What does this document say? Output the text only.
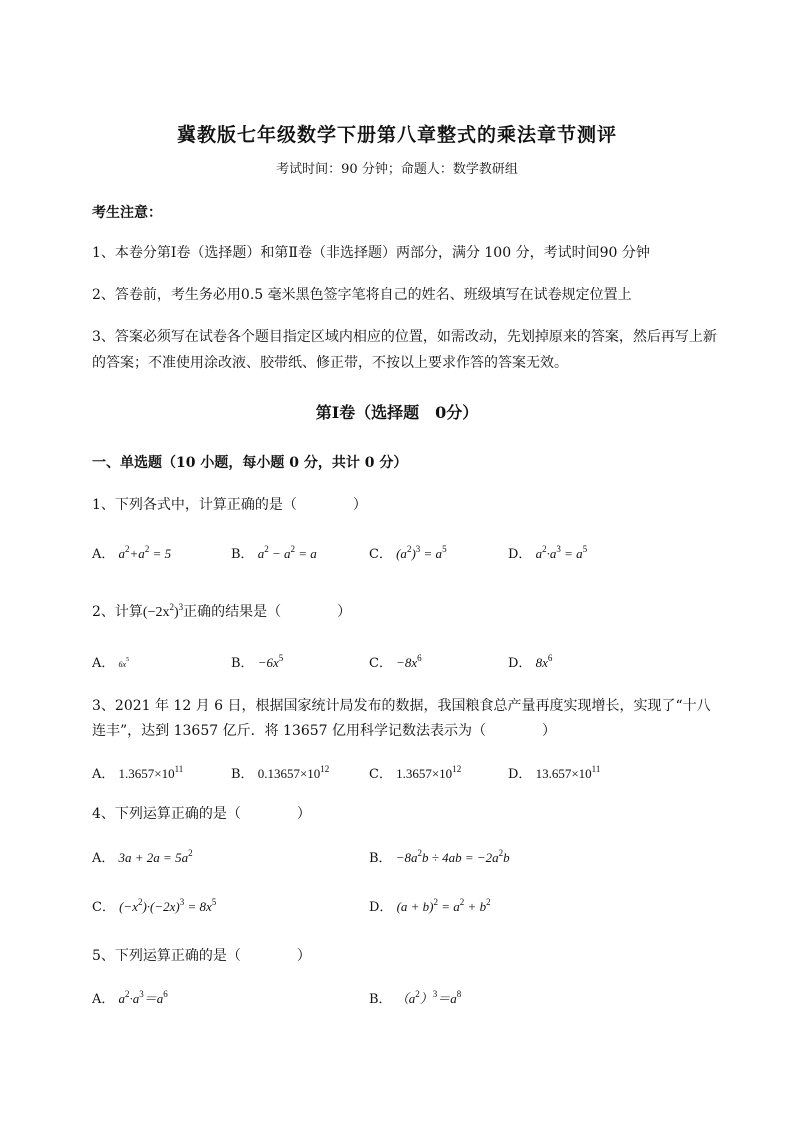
冀教版七年级数学下册第八章整式的乘法章节测评
考试时间：90 分钟；命题人：数学教研组
考生注意：
1、本卷分第Ⅰ卷（选择题）和第Ⅱ卷（非选择题）两部分，满分 100 分，考试时间90 分钟
2、答卷前，考生务必用0.5 毫米黑色签字笔将自己的姓名、班级填写在试卷规定位置上
3、答案必须写在试卷各个题目指定区域内相应的位置，如需改动，先划掉原来的答案，然后再写上新
的答案；不准使用涂改液、胶带纸、修正带，不按以上要求作答的答案无效。
第Ⅰ卷（选择题　0分）
一、单选题（10 小题，每小题 0 分，共计 0 分）
1、下列各式中，计算正确的是（　　　　）
A． $a^2+a^2 = 5$	B． $a^2 - a^2 = a$	C． $(a^2)^3 = a^5$	D． $a^2\cdot a^3 = a^5$
2、计算$(-2x^2)^3$正确的结果是（　　　　）
A． $6x^5$	B． $-6x^5$	C． $-8x^6$	D． $8x^6$
3、2021 年 12 月 6 日，根据国家统计局发布的数据，我国粮食总产量再度实现增长，实现了“十八
连丰”，达到 13657 亿斤．将 13657 亿用科学记数法表示为（　　　　）
A． $1.3657\times 10^{11}$	B． $0.13657\times 10^{12}$	C． $1.3657\times 10^{12}$	D． $13.657\times 10^{11}$
4、下列运算正确的是（　　　　）
A． $3a + 2a = 5a^2$	B． $-8a^2b \div 4ab = -2a^2b$
C． $(-x^2)\cdot(-2x)^3 = 8x^5$	D． $(a + b)^2 = a^2 + b^2$
5、下列运算正确的是（　　　　）
A． $a^2\cdot a^3=a^6$	B． $(a^2)^3=a^8$
